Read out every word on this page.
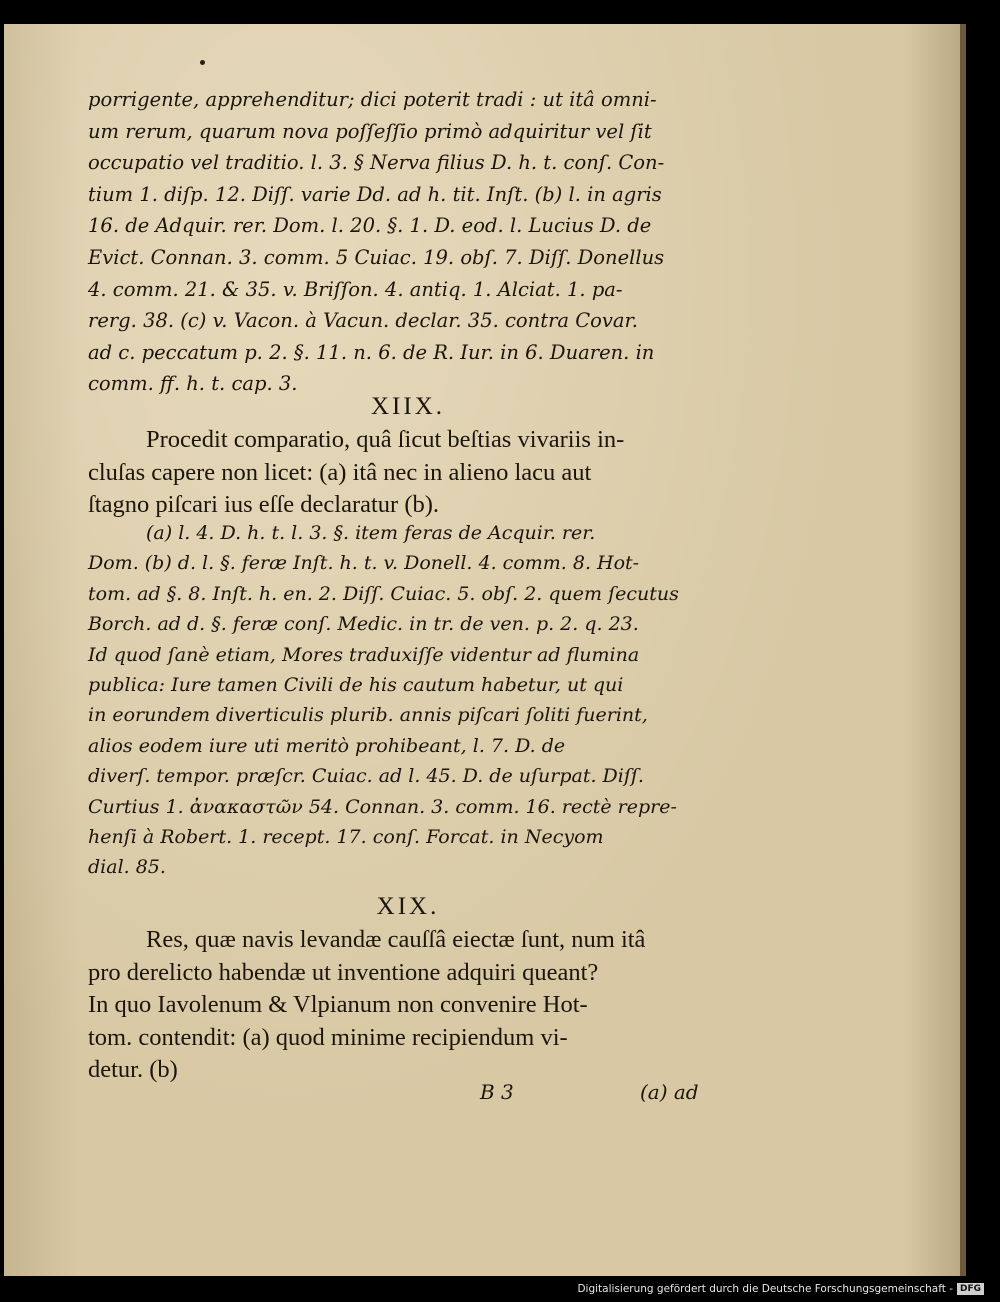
porrigente, apprehenditur; dici poterit tradi : ut itâ omni-
um rerum, quarum nova poſſeſſio primò adquiritur vel ſit
occupatio vel traditio. l. 3. § Nerva filius D. h. t. conſ. Con-
tium 1. diſp. 12. Diſſ. varie Dd. ad h. tit. Inſt. (b) l. in agris
16. de Adquir. rer. Dom. l. 20. §. 1. D. eod. l. Lucius D. de
Evict. Connan. 3. comm. 5 Cuiac. 19. obſ. 7. Diſſ. Donellus
4. comm. 21. & 35. v. Briſſon. 4. antiq. 1. Alciat. 1. pa-
rerg. 38. (c) v. Vacon. à Vacun. declar. 35. contra Covar.
ad c. peccatum p. 2. §. 11. n. 6. de R. Iur. in 6. Duaren. in
comm. ff. h. t. cap. 3.
XIIX.
Procedit comparatio, quâ ſicut beſtias vivariis in-
cluſas capere non licet: (a) itâ nec in alieno lacu aut
ſtagno piſcari ius eſſe declaratur (b).
(a) l. 4. D. h. t. l. 3. §. item feras de Acquir. rer.
Dom. (b) d. l. §. feræ Inſt. h. t. v. Donell. 4. comm. 8. Hot-
tom. ad §. 8. Inſt. h. en. 2. Diſſ. Cuiac. 5. obſ. 2. quem ſecutus
Borch. ad d. §. feræ conſ. Medic. in tr. de ven. p. 2. q. 23.
Id quod ſanè etiam, Mores traduxiſſe videntur ad flumina
publica: Iure tamen Civili de his cautum habetur, ut qui
in eorundem diverticulis plurib. annis piſcari ſoliti fuerint,
alios eodem iure uti meritò prohibeant, l. 7. D. de
diverſ. tempor. præſcr. Cuiac. ad l. 45. D. de uſurpat. Diſſ.
Curtius 1. ἀνακαστῶν 54. Connan. 3. comm. 16. rectè repre-
henſi à Robert. 1. recept. 17. conſ. Forcat. in Necyom
dial. 85.
XIX.
Res, quæ navis levandæ cauſſâ eiectæ ſunt, num itâ
pro derelicto habendæ ut inventione adquiri queant?
In quo Iavolenum & Vlpianum non convenire Hot-
tom. contendit: (a) quod minime recipiendum vi-
detur. (b)
B 3	(a) ad
Digitalisierung gefördert durch die Deutsche Forschungsgemeinschaft - DFG
